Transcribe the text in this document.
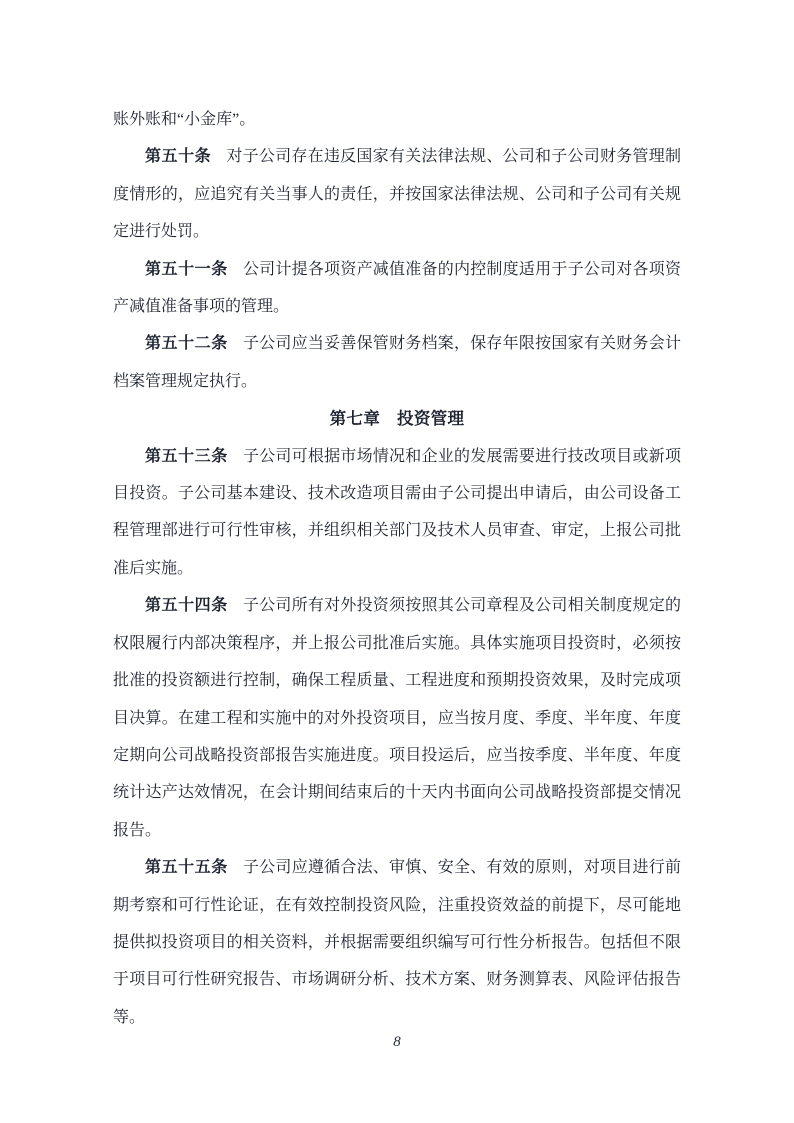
账外账和“小金库”。

第五十条 对子公司存在违反国家有关法律法规、公司和子公司财务管理制度情形的，应追究有关当事人的责任，并按国家法律法规、公司和子公司有关规定进行处罚。

第五十一条 公司计提各项资产减值准备的内控制度适用于子公司对各项资产减值准备事项的管理。

第五十二条 子公司应当妥善保管财务档案，保存年限按国家有关财务会计档案管理规定执行。

第七章　投资管理

第五十三条 子公司可根据市场情况和企业的发展需要进行技改项目或新项目投资。子公司基本建设、技术改造项目需由子公司提出申请后，由公司设备工程管理部进行可行性审核，并组织相关部门及技术人员审查、审定，上报公司批准后实施。

第五十四条 子公司所有对外投资须按照其公司章程及公司相关制度规定的权限履行内部决策程序，并上报公司批准后实施。具体实施项目投资时，必须按批准的投资额进行控制，确保工程质量、工程进度和预期投资效果，及时完成项目决算。在建工程和实施中的对外投资项目，应当按月度、季度、半年度、年度定期向公司战略投资部报告实施进度。项目投运后，应当按季度、半年度、年度统计达产达效情况，在会计期间结束后的十天内书面向公司战略投资部提交情况报告。

第五十五条 子公司应遵循合法、审慎、安全、有效的原则，对项目进行前期考察和可行性论证，在有效控制投资风险，注重投资效益的前提下，尽可能地提供拟投资项目的相关资料，并根据需要组织编写可行性分析报告。包括但不限于项目可行性研究报告、市场调研分析、技术方案、财务测算表、风险评估报告等。

8
